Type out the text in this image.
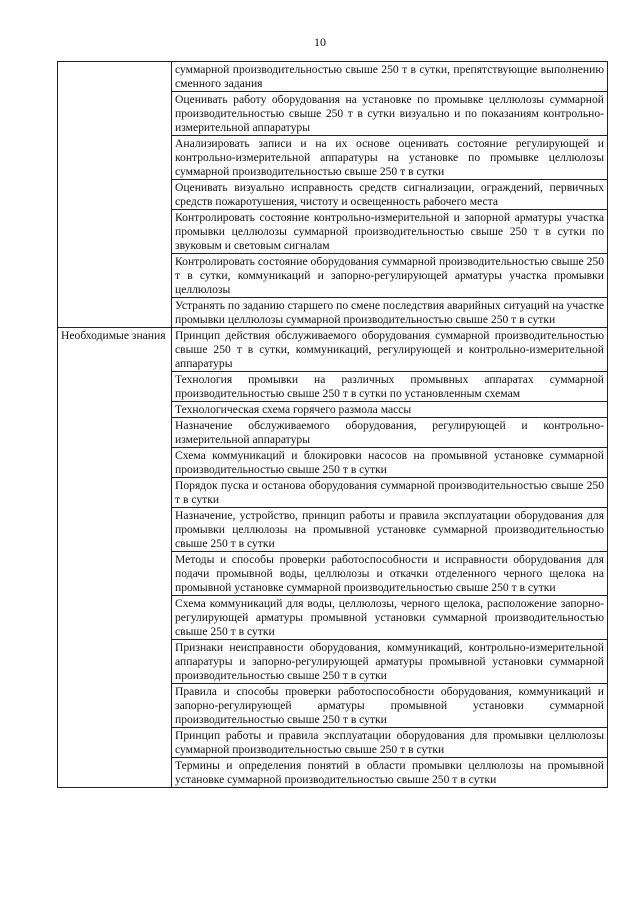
10
	суммарной производительностью свыше 250 т в сутки, препятствующие выполнению сменного задания
	Оценивать работу оборудования на установке по промывке целлюлозы суммарной производительностью свыше 250 т в сутки визуально и по показаниям контрольно-измерительной аппаратуры
	Анализировать записи и на их основе оценивать состояние регулирующей и контрольно-измерительной аппаратуры на установке по промывке целлюлозы суммарной производительностью свыше 250 т в сутки
	Оценивать визуально исправность средств сигнализации, ограждений, первичных средств пожаротушения, чистоту и освещенность рабочего места
	Контролировать состояние контрольно-измерительной и запорной арматуры участка промывки целлюлозы суммарной производительностью свыше 250 т в сутки по звуковым и световым сигналам
	Контролировать состояние оборудования суммарной производительностью свыше 250 т в сутки, коммуникаций и запорно-регулирующей арматуры участка промывки целлюлозы
	Устранять по заданию старшего по смене последствия аварийных ситуаций на участке промывки целлюлозы суммарной производительностью свыше 250 т в сутки
Необходимые знания	Принцип действия обслуживаемого оборудования суммарной производительностью свыше 250 т в сутки, коммуникаций, регулирующей и контрольно-измерительной аппаратуры
	Технология промывки на различных промывных аппаратах суммарной производительностью свыше 250 т в сутки по установленным схемам
	Технологическая схема горячего размола массы
	Назначение обслуживаемого оборудования, регулирующей и контрольно-измерительной аппаратуры
	Схема коммуникаций и блокировки насосов на промывной установке суммарной производительностью свыше 250 т в сутки
	Порядок пуска и останова оборудования суммарной производительностью свыше 250 т в сутки
	Назначение, устройство, принцип работы и правила эксплуатации оборудования для промывки целлюлозы на промывной установке суммарной производительностью свыше 250 т в сутки
	Методы и способы проверки работоспособности и исправности оборудования для подачи промывной воды, целлюлозы и откачки отделенного черного щелока на промывной установке суммарной производительностью свыше 250 т в сутки
	Схема коммуникаций для воды, целлюлозы, черного щелока, расположение запорно-регулирующей арматуры промывной установки суммарной производительностью свыше 250 т в сутки
	Признаки неисправности оборудования, коммуникаций, контрольно-измерительной аппаратуры и запорно-регулирующей арматуры промывной установки суммарной производительностью свыше 250 т в сутки
	Правила и способы проверки работоспособности оборудования, коммуникаций и запорно-регулирующей арматуры промывной установки суммарной производительностью свыше 250 т в сутки
	Принцип работы и правила эксплуатации оборудования для промывки целлюлозы суммарной производительностью свыше 250 т в сутки
	Термины и определения понятий в области промывки целлюлозы на промывной установке суммарной производительностью свыше 250 т в сутки
